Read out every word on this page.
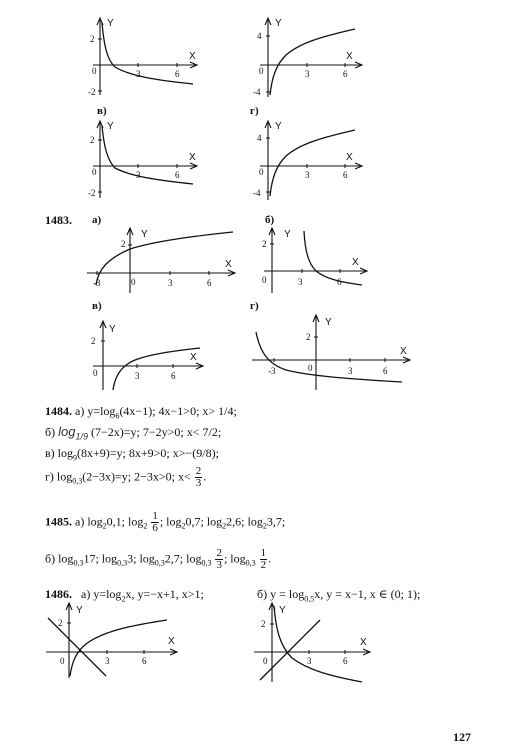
Y
X
2
0
-2
3	6
Y
X
4
0
-4
3	6
в)	г)
Y
X
2
0
-2
3	6
Y
X
4
0
-4
3	6
1483. а)	б)
Y
X
2
0
-3	3	6
Y
X
2
0	3	6
в)	г)
Y
X
2
0	3	6
Y
X
2
0
-3	3	6
1484. а) $y=\log_6(4x-1)$; 4x−1>0; x> 1/4;
б) $\log_{1/9} (7-2x)=y$; 7−2y>0; x< 7/2;
в) $\log_9(8x+9)=y$; 8x+9>0; x>−(9/8);
г) $\log_{0,3}(2-3x)=y$; 2−3x>0; $x< \frac{2}{3}$ .
1485. а) $\log_20,1$; $\log_2 \frac{1}{6}$ ; $\log_20,7$; $\log_22,6$; $\log_23,7$;
б) $\log_{0,3}17$; $\log_{0,3}3$; $\log_{0,3}2,7$; $\log_{0,3} \frac{2}{3}$ ; $\log_{0,3} \frac{1}{2}$ .
1486. а) $y=\log_2x$, y=−x+1, x>1;	б) $y = \log_{0,5}x$, y = x−1, x ∈ (0; 1);
Y
X
2
0	3	6
Y
X
2
0	3	6
127
